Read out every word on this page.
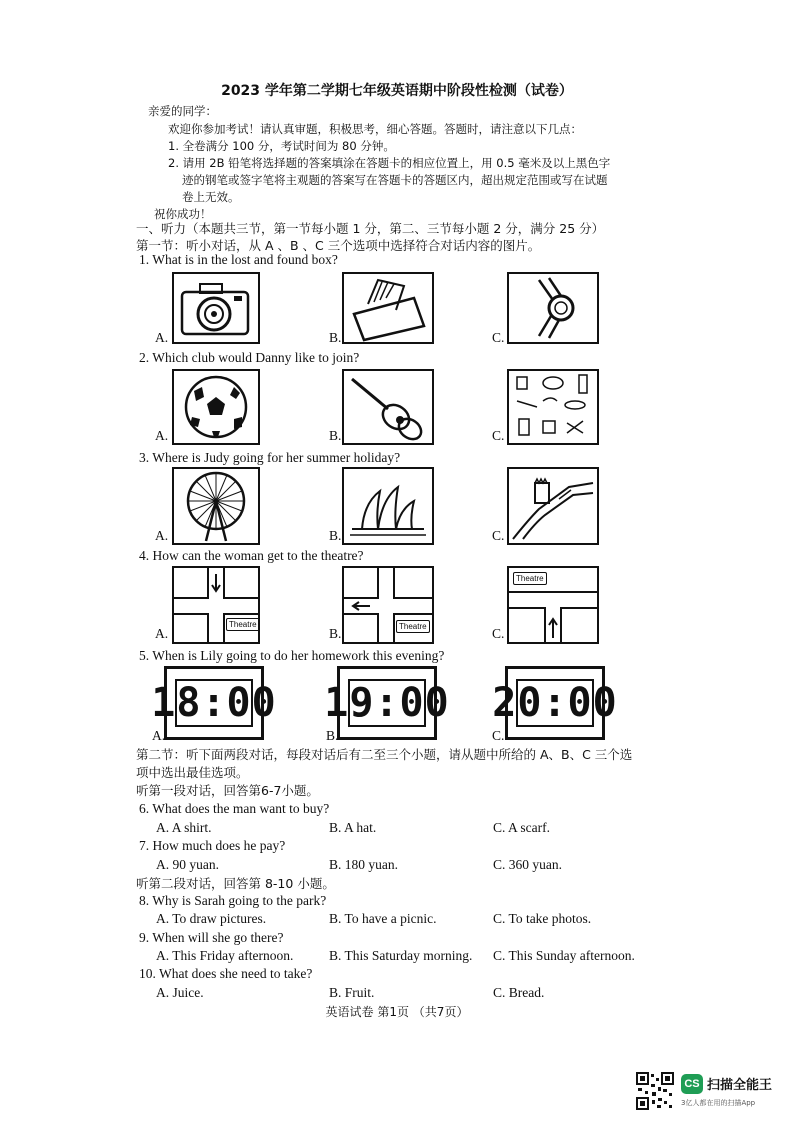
2023 学年第二学期七年级英语期中阶段性检测（试卷）
亲爱的同学：
欢迎你参加考试！请认真审题，积极思考，细心答题。答题时，请注意以下几点：
1. 全卷满分 100 分，考试时间为 80 分钟。
2. 请用 2B 铅笔将选择题的答案填涂在答题卡的相应位置上，用 0.5 毫米及以上黑色字
迹的钢笔或签字笔将主观题的答案写在答题卡的答题区内，超出规定范围或写在试题
卷上无效。
祝你成功！
一、听力（本题共三节，第一节每小题 1 分，第二、三节每小题 2 分，满分 25 分）
第一节：听小对话，从 A 、B 、C 三个选项中选择符合对话内容的图片。
1. What is in the lost and found box?
A.	B.	C.
2. Which club would Danny like to join?
A.	B.	C.
3. Where is Judy going for her summer holiday?
A.	B.	C.
4. How can the woman get to the theatre?
Theatre
A.	Theatre
B.
Theatre
C.
5. When is Lily going to do her homework this evening?
18:00
A.
19:00
B.
20:00
C.
第二节：听下面两段对话，每段对话后有二至三个小题，请从题中所给的 A、B、C 三个选
项中选出最佳选项。
听第一段对话，回答第6-7小题。
6. What does the man want to buy?
A. A shirt.	B. A hat.	C. A scarf.
7. How much does he pay?
A. 90 yuan.	B. 180 yuan.	C. 360 yuan.
听第二段对话，回答第 8-10 小题。
8. Why is Sarah going to the park?
A. To draw pictures.	B. To have a picnic.	C. To take photos.
9. When will she go there?
A. This Friday afternoon.	B. This Saturday morning. C. This Sunday afternoon.
10. What does she need to take?
A. Juice.	B. Fruit.	C. Bread.
英语试卷 第1页 （共7页）
CS 扫描全能王
3亿人都在用的扫描App
